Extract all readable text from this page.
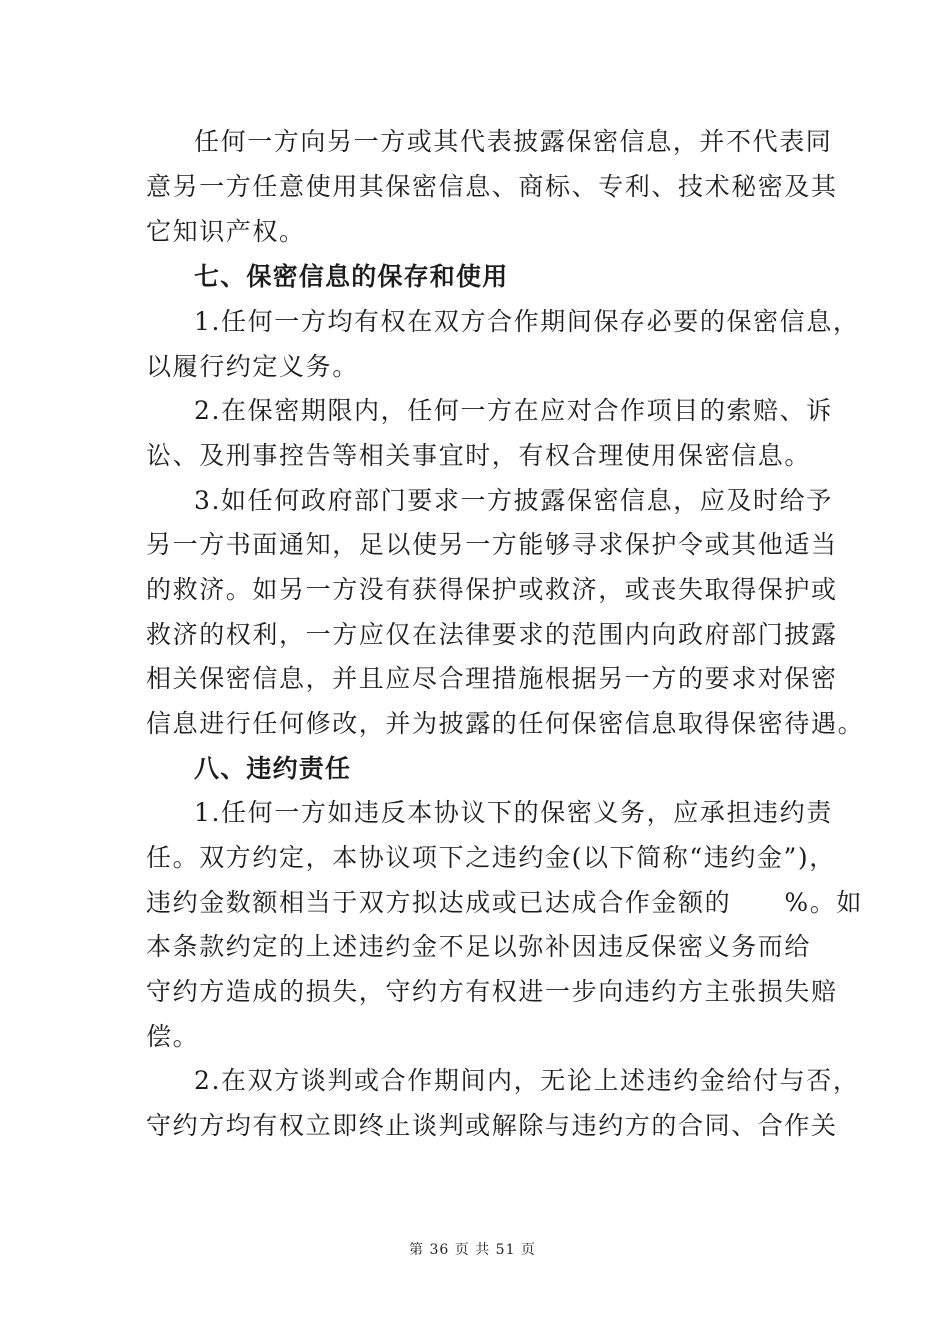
任何一方向另一方或其代表披露保密信息，并不代表同
意另一方任意使用其保密信息、商标、专利、技术秘密及其
它知识产权。
七、保密信息的保存和使用
1.任何一方均有权在双方合作期间保存必要的保密信息，
以履行约定义务。
2.在保密期限内，任何一方在应对合作项目的索赔、诉
讼、及刑事控告等相关事宜时，有权合理使用保密信息。
3.如任何政府部门要求一方披露保密信息，应及时给予
另一方书面通知，足以使另一方能够寻求保护令或其他适当
的救济。如另一方没有获得保护或救济，或丧失取得保护或
救济的权利，一方应仅在法律要求的范围内向政府部门披露
相关保密信息，并且应尽合理措施根据另一方的要求对保密
信息进行任何修改，并为披露的任何保密信息取得保密待遇。
八、违约责任
1.任何一方如违反本协议下的保密义务，应承担违约责
任。双方约定，本协议项下之违约金(以下简称“违约金”)，
违约金数额相当于双方拟达成或已达成合作金额的　　%。如
本条款约定的上述违约金不足以弥补因违反保密义务而给
守约方造成的损失，守约方有权进一步向违约方主张损失赔
偿。
2.在双方谈判或合作期间内，无论上述违约金给付与否，
守约方均有权立即终止谈判或解除与违约方的合同、合作关
第 36 页 共 51 页
